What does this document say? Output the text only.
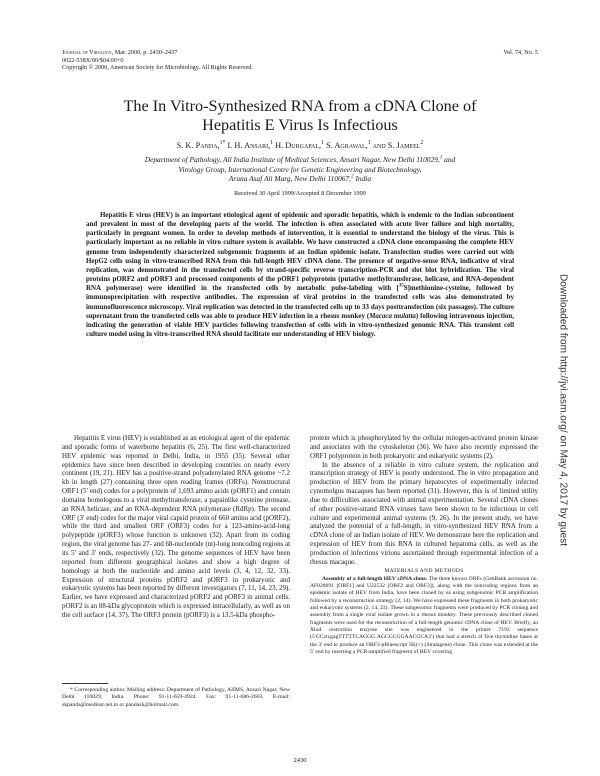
Journal of Virology, Mar. 2000, p. 2430–2437
0022-538X/00/$04.00+0
Copyright © 2000, American Society for Microbiology. All Rights Reserved.
Vol. 74, No. 5
The In Vitro-Synthesized RNA from a cDNA Clone of
Hepatitis E Virus Is Infectious
S. K. Panda,$^{1*}$ I. H. Ansari,$^1$ H. Durgapal,$^1$ S. Agrawal,$^1$ and S. Jameel$^2$
Department of Pathology, All India Institute of Medical Sciences, Ansari Nagar, New Delhi 110029,$^1$ and
Virology Group, International Centre for Genetic Engineering and Biotechnology,
Aruna Asaf Ali Marg, New Delhi 110067,$^2$ India
Received 30 April 1999/Accepted 8 December 1999

Hepatitis E virus (HEV) is an important etiological agent of epidemic and sporadic hepatitis, which is endemic to the Indian subcontinent and prevalent in most of the developing parts of the world. The infection is often associated with acute liver failure and high mortality, particularly in pregnant women. In order to develop methods of intervention, it is essential to understand the biology of the virus. This is particularly important as no reliable in vitro culture system is available. We have constructed a cDNA clone encompassing the complete HEV genome from independently characterized subgenomic fragments of an Indian epidemic isolate. Transfection studies were carried out with HepG2 cells using in vitro-transcribed RNA from this full-length HEV cDNA clone. The presence of negative-sense RNA, indicative of viral replication, was demonstrated in the transfected cells by strand-specific reverse transcription-PCR and slot blot hybridization. The viral proteins pORF2 and pORF3 and processed components of the pORF1 polyprotein (putative methyltransferase, helicase, and RNA-dependent RNA polymerase) were identified in the transfected cells by metabolic pulse-labeling with [$^{35}$S]methionine-cysteine, followed by immunoprecipitation with respective antibodies. The expression of viral proteins in the transfected cells was also demonstrated by immunofluorescence microscopy. Viral replication was detected in the transfected cells up to 33 days posttransfection (six passages). The culture supernatant from the transfected cells was able to produce HEV infection in a rhesus monkey (Macaca mulatta) following intravenous injection, indicating the generation of viable HEV particles following transfection of cells with in vitro-synthesized genomic RNA. This transient cell culture model using in vitro-transcribed RNA should facilitate our understanding of HEV biology.	Downloaded from http://jvi.asm.org/ on May 4, 2017 by guest

Hepatitis E virus (HEV) is established as an etiological agent of the epidemic and sporadic forms of waterborne hepatitis (6, 25). The first well-characterized HEV epidemic was reported in Delhi, India, in 1955 (35). Several other epidemics have since been described in developing countries on nearly every continent (19, 21). HEV has a positive-strand polyadenylated RNA genome ~7.2 kb in length (27) containing three open reading frames (ORFs). Nonstructural ORF1 (5′ end) codes for a polyprotein of 1,693 amino acids (pORF1) and contain domains homologous to a viral methyltransferase, a papainlike cysteine protease, an RNA helicase, and an RNA-dependent RNA polymerase (RdRp). The second ORF (3′ end) codes for the major viral capsid protein of 660 amino acid (pORF2), while the third and smallest ORF (ORF3) codes for a 123-amino-acid-long polypeptide (pORF3) whose function is unknown (32). Apart from its coding region, the viral genome has 27- and 68-nucleotide (nt)-long noncoding regions at its 5′ and 3′ ends, respectively (32). The genome sequences of HEV have been reported from different geographical isolates and show a high degree of homology at both the nucleotide and amino acid levels (3, 4, 12, 32, 33). Expression of structural proteins pORF2 and pORF3 in prokaryotic and eukaryotic systems has been reported by different investigators (7, 11, 14, 23, 29). Earlier, we have expressed and characterized pORF2 and pORF3 in animal cells. pORF2 is an 88-kDa glycoprotein which is expressed intracellularly, as well as on the cell surface (14, 37). The ORF3 protein (pORF3) is a 13.5-kDa phospho-

protein which is phosphorylated by the cellular mitogen-activated protein kinase and associates with the cytoskeleton (36). We have also recently expressed the ORF1 polyprotein in both prokaryotic and eukaryotic systems (2).

In the absence of a reliable in vitro culture system, the replication and transcription strategy of HEV is poorly understood. The in vitro propagation and production of HEV from the primary hepatocytes of experimentally infected cynomolgus macaques has been reported (31). However, this is of limited utility due to difficulties associated with animal experimentation. Several cDNA clones of other positive-strand RNA viruses have been shown to be infectious in cell culture and experimental animal systems (9, 26). In the present study, we have analyzed the potential of a full-length, in vitro-synthesized HEV RNA from a cDNA clone of an Indian isolate of HEV. We demonstrate here the replication and expression of HEV from this RNA in cultured hepatoma cells, as well as the production of infectious virions ascertained through experimental infection of a rhesus macaque.

MATERIALS AND METHODS

Assembly of a full-length HEV cDNA clone. The three known ORFs (GenBank accession no. AF028091 [ORF1] and U22532 [ORF2 and ORF3]), along with the noncoding regions from an epidemic isolate of HEV from India, have been cloned by us using subgenomic PCR amplification followed by a reconstruction strategy (2, 14). We have expressed these fragments in both prokaryotic and eukaryotic systems (2, 14, 23). These subgenomic fragments were produced by PCR cloning and assembly from a single viral isolate grown in a rhesus monkey. These previously described cloned fragments were used for the reconstruction of a full-length genomic cDNA clone of HEV. Briefly, an XhoI restriction enzyme site was engineered in the primer 7193 sequence (5′GCctcgagTTTTTCAGGG AGCGCGGAACGCA3′) that had a stretch of five thymidine bases at the 3′ end to produce an ORF3-pBluescript SK(+) (Stratagene) clone. This clone was extended at the 5′ end by inserting a PCR-amplified fragment of HEV covering

* Corresponding author. Mailing address: Department of Pathology, AIIMS, Ansari Nagar, New Delhi 110029, India. Phone: 91-11-659-4924. Fax: 91-11-686-2663. E-mail: skpanda@medinst.net.in or pandask@hotmail.com.
2430
